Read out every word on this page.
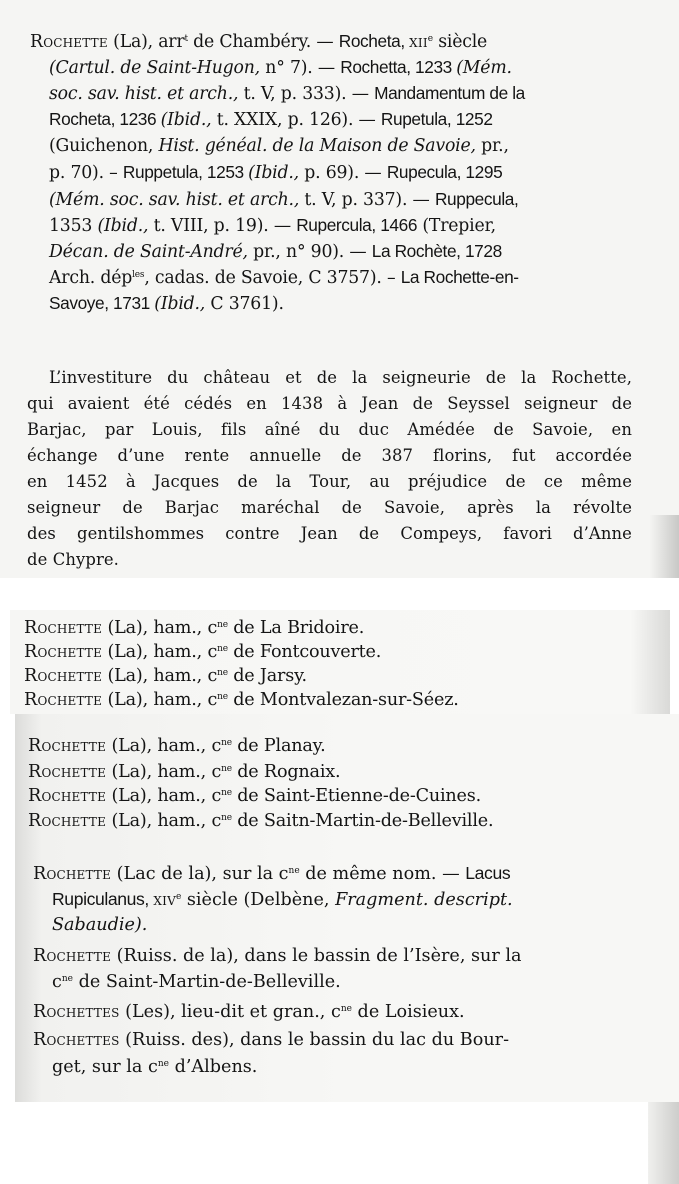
Rochette (La), arr$^t$ de Chambéry. — Rocheta, xii$^e$ siècle
(Cartul. de Saint-Hugon, n° 7). — Rochetta, 1233 (Mém.
soc. sav. hist. et arch., t. V, p. 333). — Mandamentum de la
Rocheta, 1236 (Ibid., t. XXIX, p. 126). — Rupetula, 1252
(Guichenon, Hist. généal. de la Maison de Savoie, pr.,
p. 70). – Ruppetula, 1253 (Ibid., p. 69). — Rupecula, 1295
(Mém. soc. sav. hist. et arch., t. V, p. 337). — Ruppecula,
1353 (Ibid., t. VIII, p. 19). — Rupercula, 1466 (Trepier,
Décan. de Saint-André, pr., n° 90). — La Rochète, 1728
Arch. dép$^{les}$, cadas. de Savoie, C 3757). – La Rochette-en-
Savoye, 1731 (Ibid., C 3761).
L’investiture du château et de la seigneurie de la Rochette,
qui avaient été cédés en 1438 à Jean de Seyssel seigneur de
Barjac, par Louis, fils aîné du duc Amédée de Savoie, en
échange d’une rente annuelle de 387 florins, fut accordée
en 1452 à Jacques de la Tour, au préjudice de ce même
seigneur de Barjac maréchal de Savoie, après la révolte
des gentilshommes contre Jean de Compeys, favori d’Anne
de Chypre.
Rochette (La), ham., $c^{ne}$ de La Bridoire.
Rochette (La), ham., $c^{ne}$ de Fontcouverte.
Rochette (La), ham., $c^{ne}$ de Jarsy.
Rochette (La), ham., $c^{ne}$ de Montvalezan-sur-Séez.
Rochette (La), ham., $c^{ne}$ de Planay.
Rochette (La), ham., $c^{ne}$ de Rognaix.
Rochette (La), ham., $c^{ne}$ de Saint-Etienne-de-Cuines.
Rochette (La), ham., $c^{ne}$ de Saitn-Martin-de-Belleville.
Rochette (Lac de la), sur la $c^{ne}$ de même nom. — Lacus
Rupiculanus, xiv$^e$ siècle (Delbène, Fragment. descript.
Sabaudie).
Rochette (Ruiss. de la), dans le bassin de l’Isère, sur la
$c^{ne}$ de Saint-Martin-de-Belleville.
Rochettes (Les), lieu-dit et gran., $c^{ne}$ de Loisieux.
Rochettes (Ruiss. des), dans le bassin du lac du Bour-
get, sur la $c^{ne}$ d’Albens.
